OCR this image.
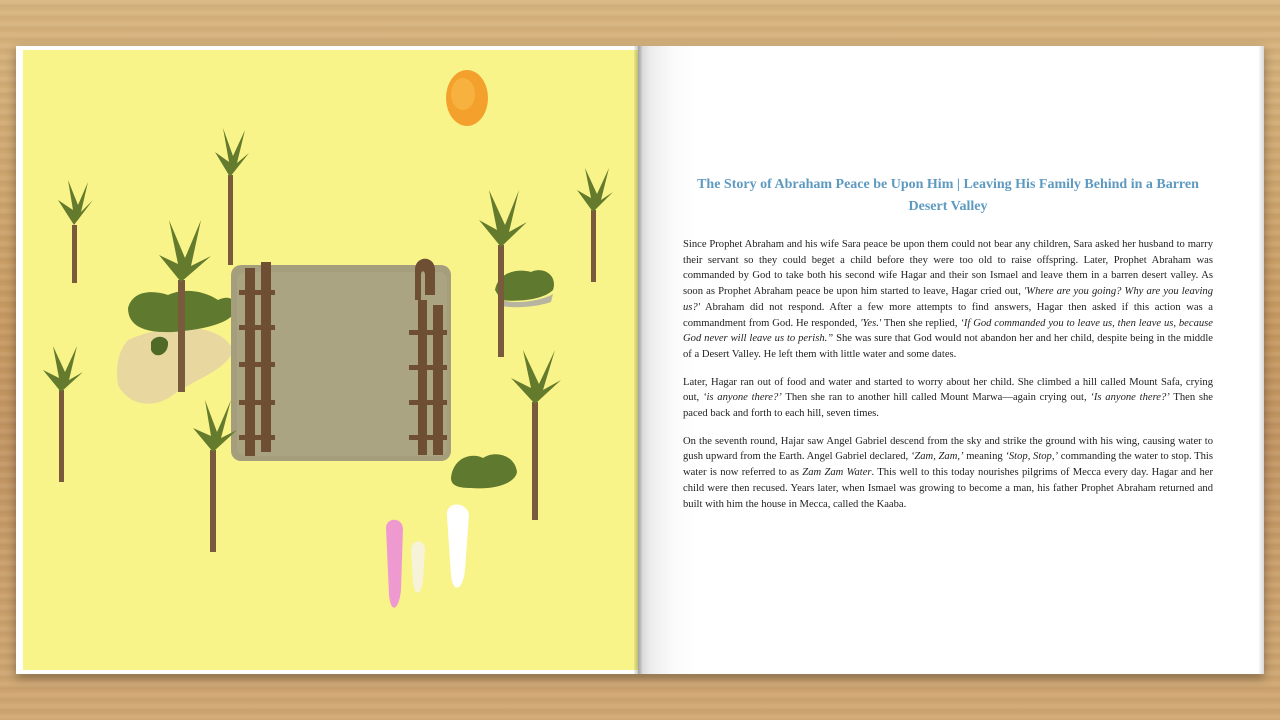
The Story of Abraham Peace be Upon Him | Leaving His Family Behind in a Barren Desert Valley

Since Prophet Abraham and his wife Sara peace be upon them could not bear any children, Sara asked her husband to marry their servant so they could beget a child before they were too old to raise offspring. Later, Prophet Abraham was commanded by God to take both his second wife Hagar and their son Ismael and leave them in a barren desert valley. As soon as Prophet Abraham peace be upon him started to leave, Hagar cried out, 'Where are you going? Why are you leaving us?' Abraham did not respond. After a few more attempts to find answers, Hagar then asked if this action was a commandment from God. He responded, 'Yes.' Then she replied, ‘If God commanded you to leave us, then leave us, because God never will leave us to perish.” She was sure that God would not abandon her and her child, despite being in the middle of a Desert Valley. He left them with little water and some dates.

Later, Hagar ran out of food and water and started to worry about her child. She climbed a hill called Mount Safa, crying out, ‘is anyone there?’ Then she ran to another hill called Mount Marwa—again crying out, ‘Is anyone there?’ Then she paced back and forth to each hill, seven times.

On the seventh round, Hajar saw Angel Gabriel descend from the sky and strike the ground with his wing, causing water to gush upward from the Earth. Angel Gabriel declared, ‘Zam, Zam,’ meaning ‘Stop, Stop,’ commanding the water to stop. This water is now referred to as Zam Zam Water. This well to this today nourishes pilgrims of Mecca every day. Hagar and her child were then recused. Years later, when Ismael was growing to become a man, his father Prophet Abraham returned and built with him the house in Mecca, called the Kaaba.
